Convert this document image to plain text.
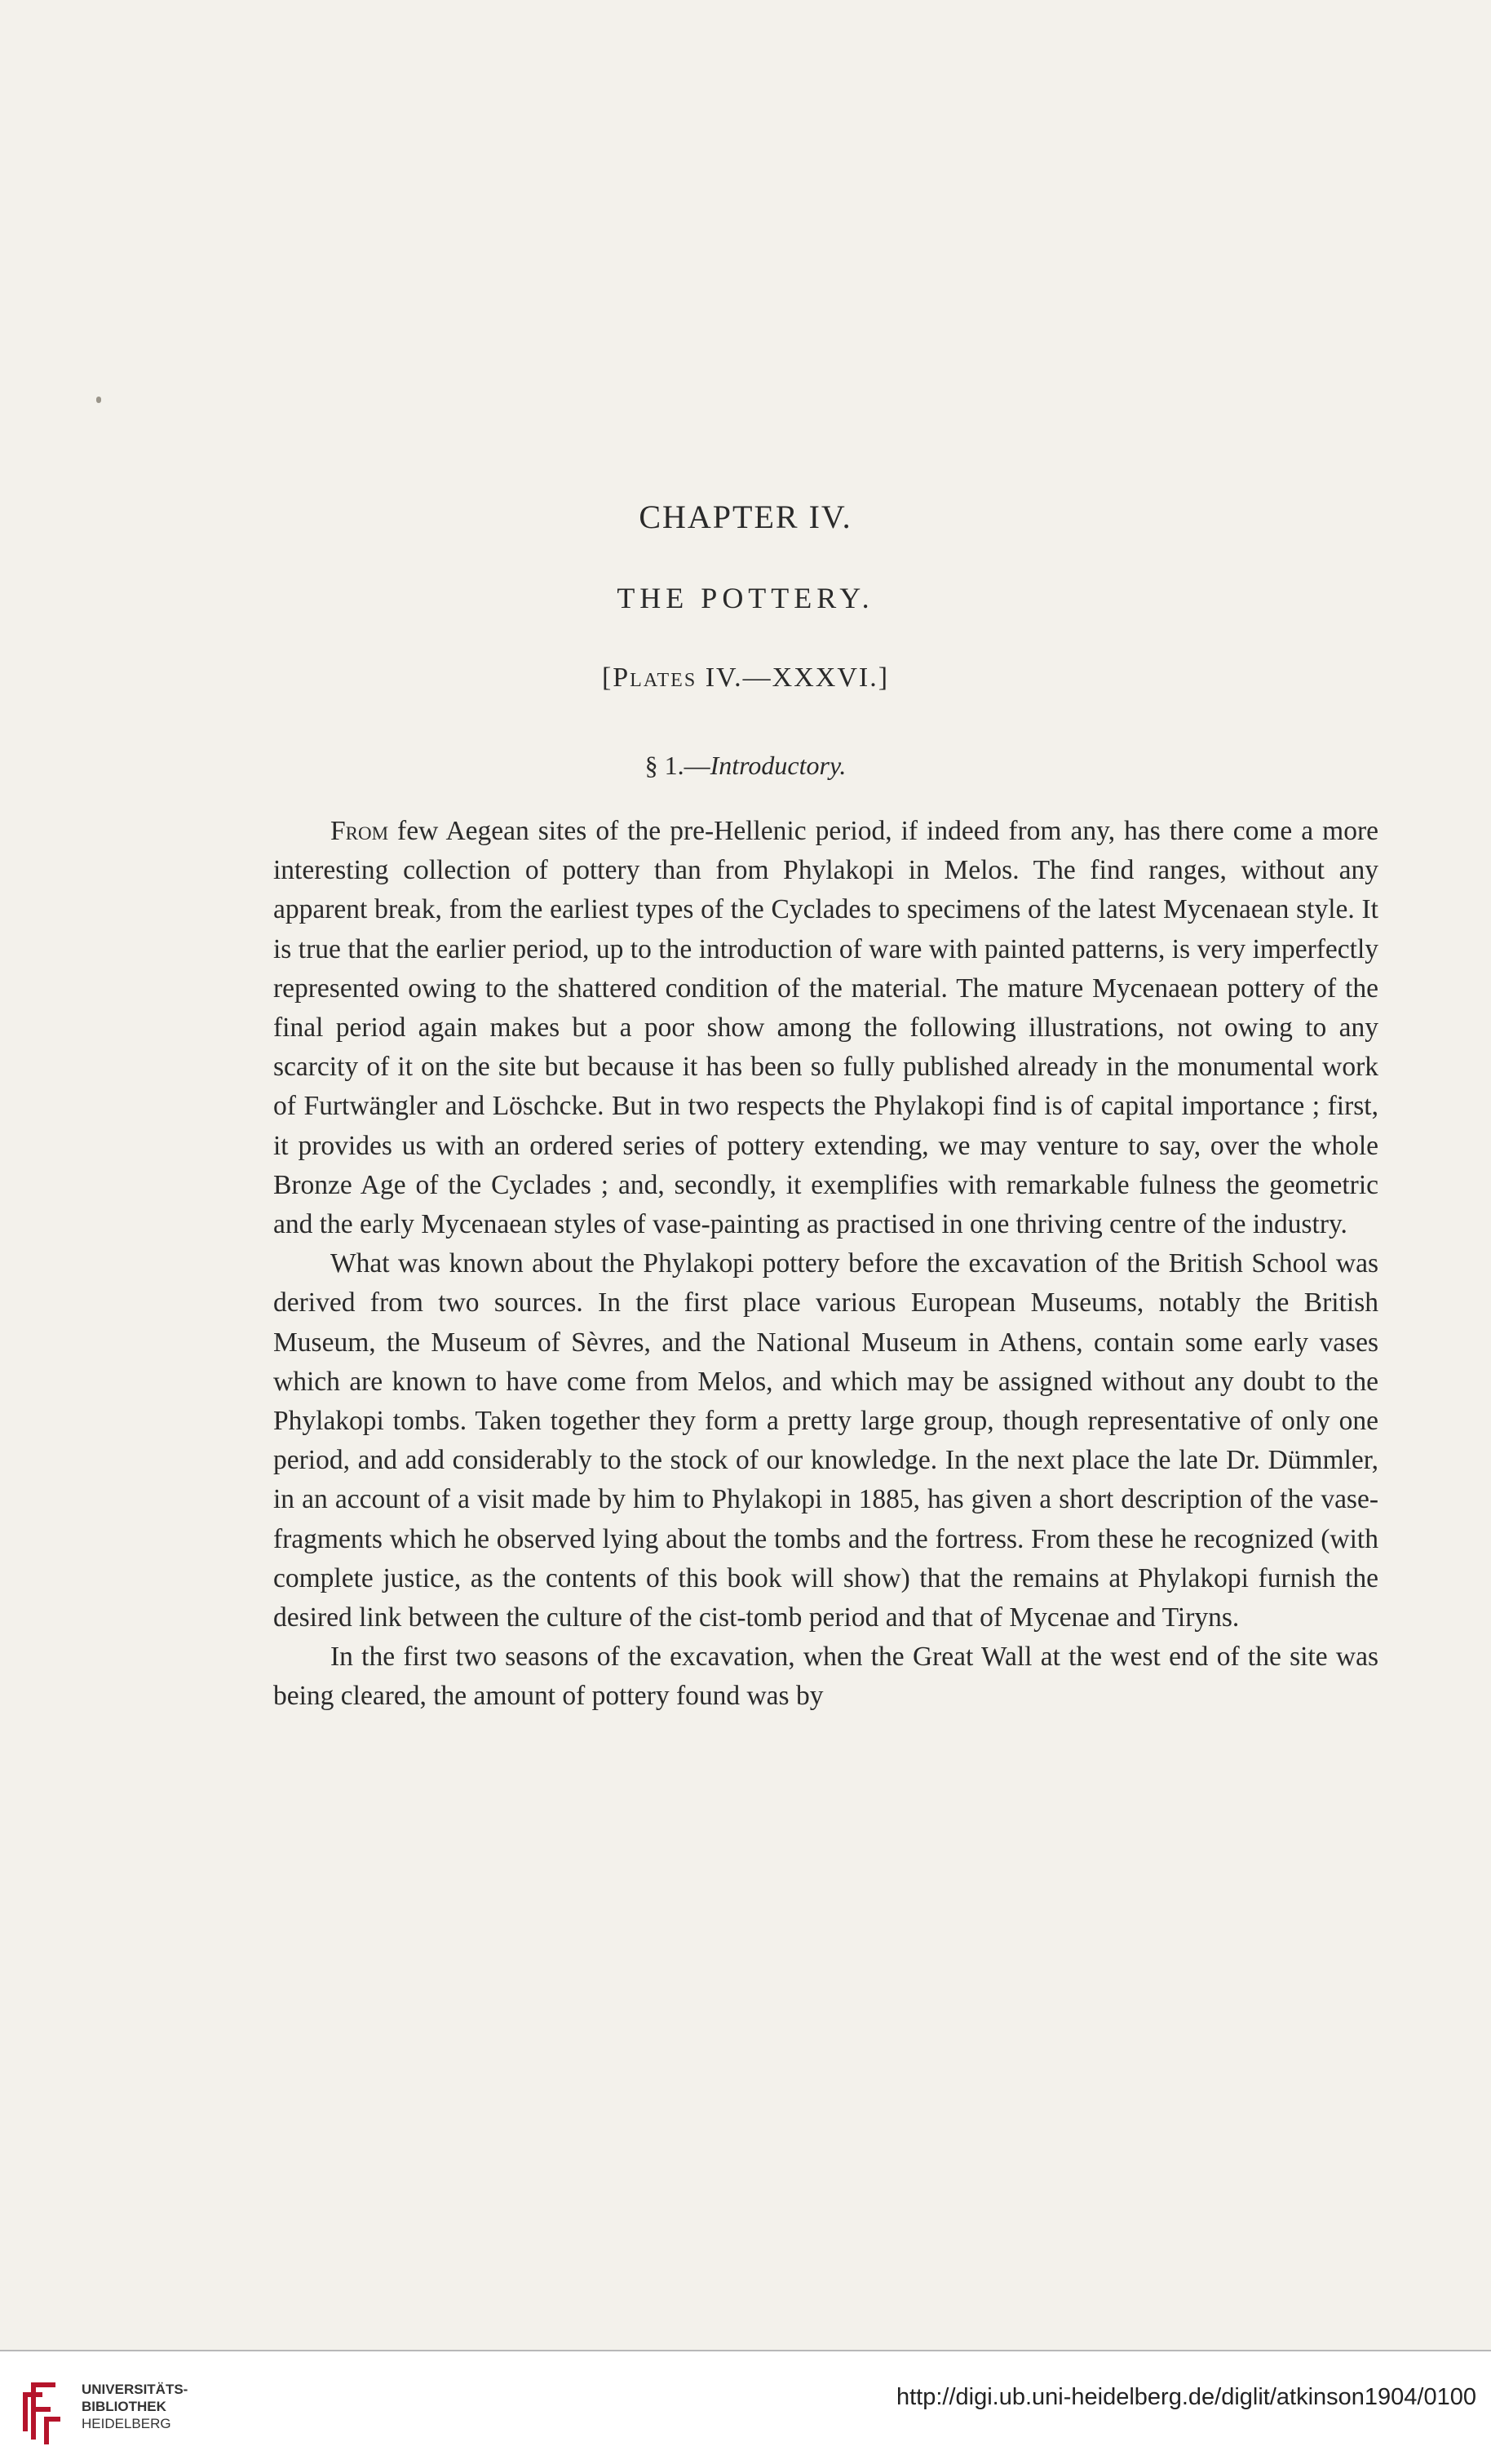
CHAPTER IV.
THE POTTERY.
[Plates IV.—XXXVI.]
§ 1.—Introductory.

From few Aegean sites of the pre-Hellenic period, if indeed from any, has there come a more interesting collection of pottery than from Phylakopi in Melos. The find ranges, without any apparent break, from the earliest types of the Cyclades to specimens of the latest Mycenaean style. It is true that the earlier period, up to the introduction of ware with painted patterns, is very imperfectly represented owing to the shattered condition of the material. The mature Mycenaean pottery of the final period again makes but a poor show among the following illustrations, not owing to any scarcity of it on the site but because it has been so fully published already in the monumental work of Furtwängler and Löschcke. But in two respects the Phylakopi find is of capital importance ; first, it provides us with an ordered series of pottery extending, we may venture to say, over the whole Bronze Age of the Cyclades ; and, secondly, it exemplifies with remarkable fulness the geometric and the early Mycenaean styles of vase-painting as practised in one thriving centre of the industry.

What was known about the Phylakopi pottery before the excavation of the British School was derived from two sources. In the first place various European Museums, notably the British Museum, the Museum of Sèvres, and the National Museum in Athens, contain some early vases which are known to have come from Melos, and which may be assigned without any doubt to the Phylakopi tombs. Taken together they form a pretty large group, though representative of only one period, and add considerably to the stock of our knowledge. In the next place the late Dr. Dümmler, in an account of a visit made by him to Phylakopi in 1885, has given a short description of the vase-fragments which he observed lying about the tombs and the fortress. From these he recognized (with complete justice, as the contents of this book will show) that the remains at Phylakopi furnish the desired link between the culture of the cist-tomb period and that of Mycenae and Tiryns.

In the first two seasons of the excavation, when the Great Wall at the west end of the site was being cleared, the amount of pottery found was by

UNIVERSITÄTS-
BIBLIOTHEK
HEIDELBERG
http://digi.ub.uni-heidelberg.de/diglit/atkinson1904/0100
